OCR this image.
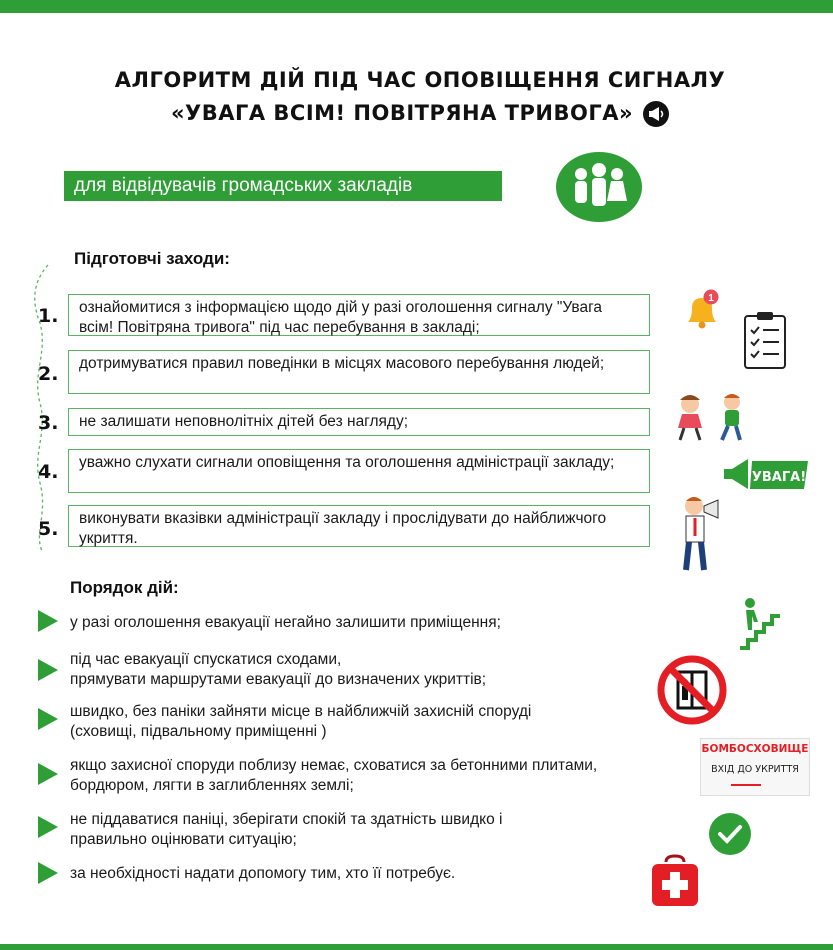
АЛГОРИТМ ДІЙ ПІД ЧАС ОПОВІЩЕННЯ СИГНАЛУ
«УВАГА ВСІМ! ПОВІТРЯНА ТРИВОГА»
для відвідувачів громадських закладів
Підготовчі заходи:
1.	ознайомитися з інформацією щодо дій у разі оголошення сигналу "Увага всім! Повітряна тривога" під час перебування в закладі;
2.	дотримуватися правил поведінки в місцях масового перебування людей;
3.	не залишати неповнолітніх дітей без нагляду;
4.	уважно слухати сигнали оповіщення та оголошення адміністрації закладу;
5.	виконувати вказівки адміністрації закладу і прослідувати до найближчого укриття.
Порядок дій:
у разі оголошення евакуації негайно залишити приміщення;
під час евакуації спускатися сходами,
прямувати маршрутами евакуації до визначених укриттів;
швидко, без паніки зайняти місце в найближчій захисній споруді
(сховищі, підвальному приміщенні )
якщо захисної споруди поблизу немає, сховатися за бетонними плитами,
бордюром, лягти в заглибленнях землі;
не піддаватися паніці, зберігати спокій та здатність швидко і
правильно оцінювати ситуацію;
за необхідності надати допомогу тим, хто її потребує.
1
УВАГА!
БОМБОСХОВИЩЕ
ВХІД ДО УКРИТТЯ
